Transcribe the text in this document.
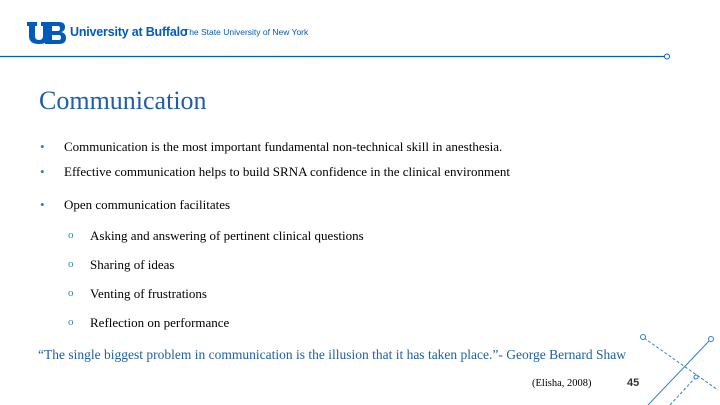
University at Buffalo
The State University of New York
Communication
• Communication is the most important fundamental non-technical skill in anesthesia.
• Effective communication helps to build SRNA confidence in the clinical environment
• Open communication facilitates
o Asking and answering of pertinent clinical questions
o Sharing of ideas
o Venting of frustrations
o Reflection on performance
“The single biggest problem in communication is the illusion that it has taken place.”- George Bernard Shaw
(Elisha, 2008)	45
